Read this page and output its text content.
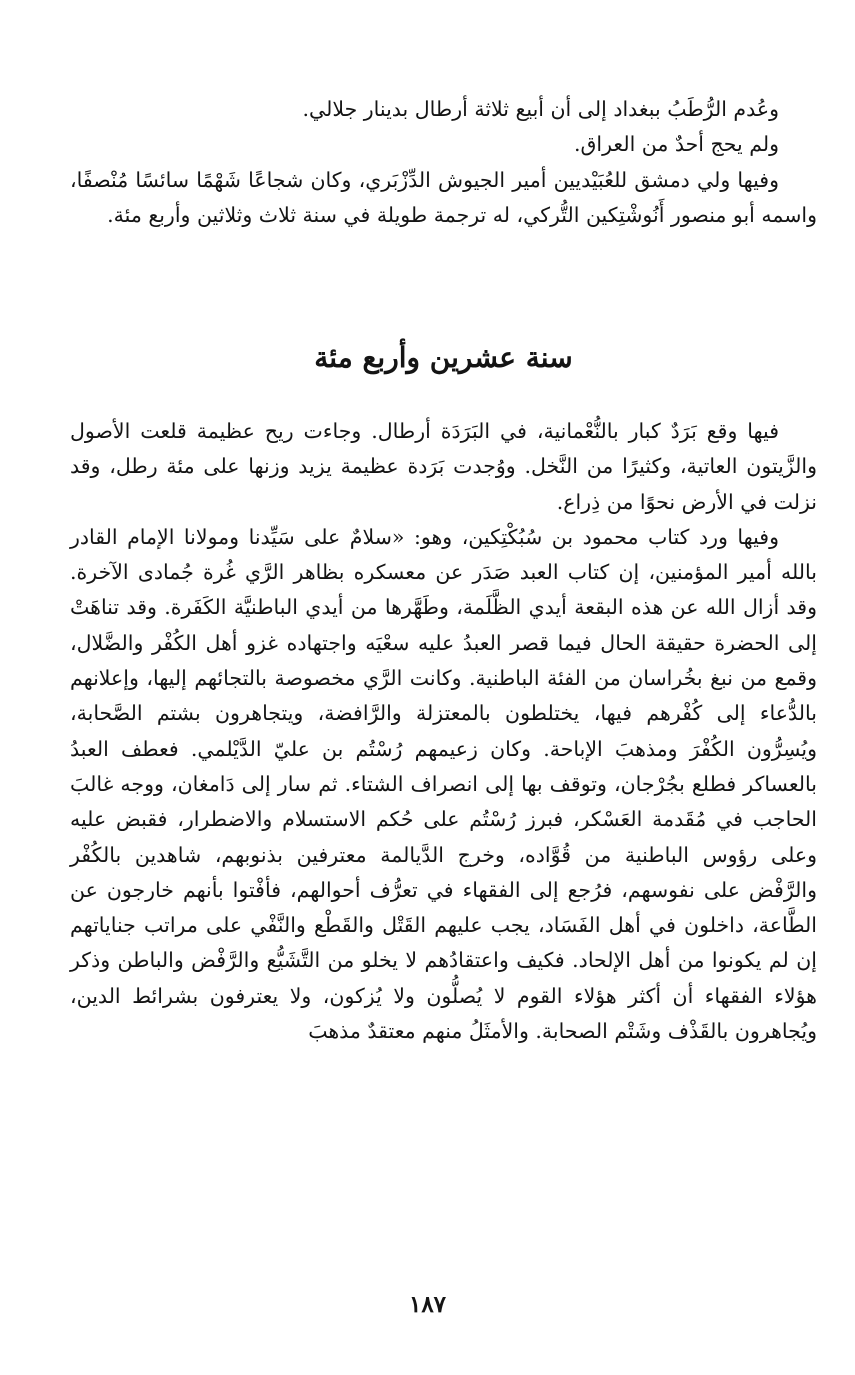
وعُدم الرُّطَبُ ببغداد إلى أن أبيع ثلاثة أرطال بدينار جلالي.

ولم يحج أحدٌ من العراق.

وفيها ولي دمشق للعُبَيْديين أمير الجيوش الدِّزْبَري، وكان شجاعًا شَهْمًا سائسًا مُنْصفًا، واسمه أبو منصور أَنُوشْتِكين التُّركي، له ترجمة طويلة في سنة ثلاث وثلاثين وأربع مئة.

سنة عشرين وأربع مئة

فيها وقع بَرَدٌ كبار بالنُّعْمانية، في البَرَدَة أرطال. وجاءت ريح عظيمة قلعت الأصول والزَّيتون العاتية، وكثيرًا من النَّخل. ووُجدت بَرَدة عظيمة يزيد وزنها على مئة رطل، وقد نزلت في الأرض نحوًا من ذِراع.

وفيها ورد كتاب محمود بن سُبُكْتِكين، وهو: «سلامٌ على سَيِّدنا ومولانا الإمام القادر بالله أمير المؤمنين، إن كتاب العبد صَدَر عن معسكره بظاهر الرَّي غُرة جُمادى الآخرة. وقد أزال الله عن هذه البقعة أيدي الظَّلَمة، وطَهَّرها من أيدي الباطنيَّة الكَفَرة. وقد تناهَتْ إلى الحضرة حقيقة الحال فيما قصر العبدُ عليه سعْيَه واجتهاده غزو أهل الكُفْر والضَّلال، وقمع من نبغ بخُراسان من الفئة الباطنية. وكانت الرَّي مخصوصة بالتجائهم إليها، وإعلانهم بالدُّعاء إلى كُفْرهم فيها، يختلطون بالمعتزلة والرَّافضة، ويتجاهرون بشتم الصَّحابة، ويُسِرُّون الكُفْرَ ومذهبَ الإباحة. وكان زعيمهم رُسْتُم بن عليّ الدَّيْلمي. فعطف العبدُ بالعساكر فطلع بجُرْجان، وتوقف بها إلى انصراف الشتاء. ثم سار إلى دَامغان، ووجه غالبَ الحاجب في مُقَدمة العَسْكر، فبرز رُسْتُم على حُكم الاستسلام والاضطرار، فقبض عليه وعلى رؤوس الباطنية من قُوَّاده، وخرج الدَّيالمة معترفين بذنوبهم، شاهدين بالكُفْر والرَّفْض على نفوسهم، فرُجع إلى الفقهاء في تعرُّف أحوالهم، فأفْتوا بأنهم خارجون عن الطَّاعة، داخلون في أهل الفَسَاد، يجب عليهم القَتْل والقَطْع والنَّفْي على مراتب جناياتهم إن لم يكونوا من أهل الإلحاد. فكيف واعتقادُهم لا يخلو من التَّشَيُّع والرَّفْض والباطن وذكر هؤلاء الفقهاء أن أكثر هؤلاء القوم لا يُصلُّون ولا يُزكون، ولا يعترفون بشرائط الدين، ويُجاهرون بالقَذْف وشَتْم الصحابة. والأمثَلُ منهم معتقدٌ مذهبَ

١٨٧
